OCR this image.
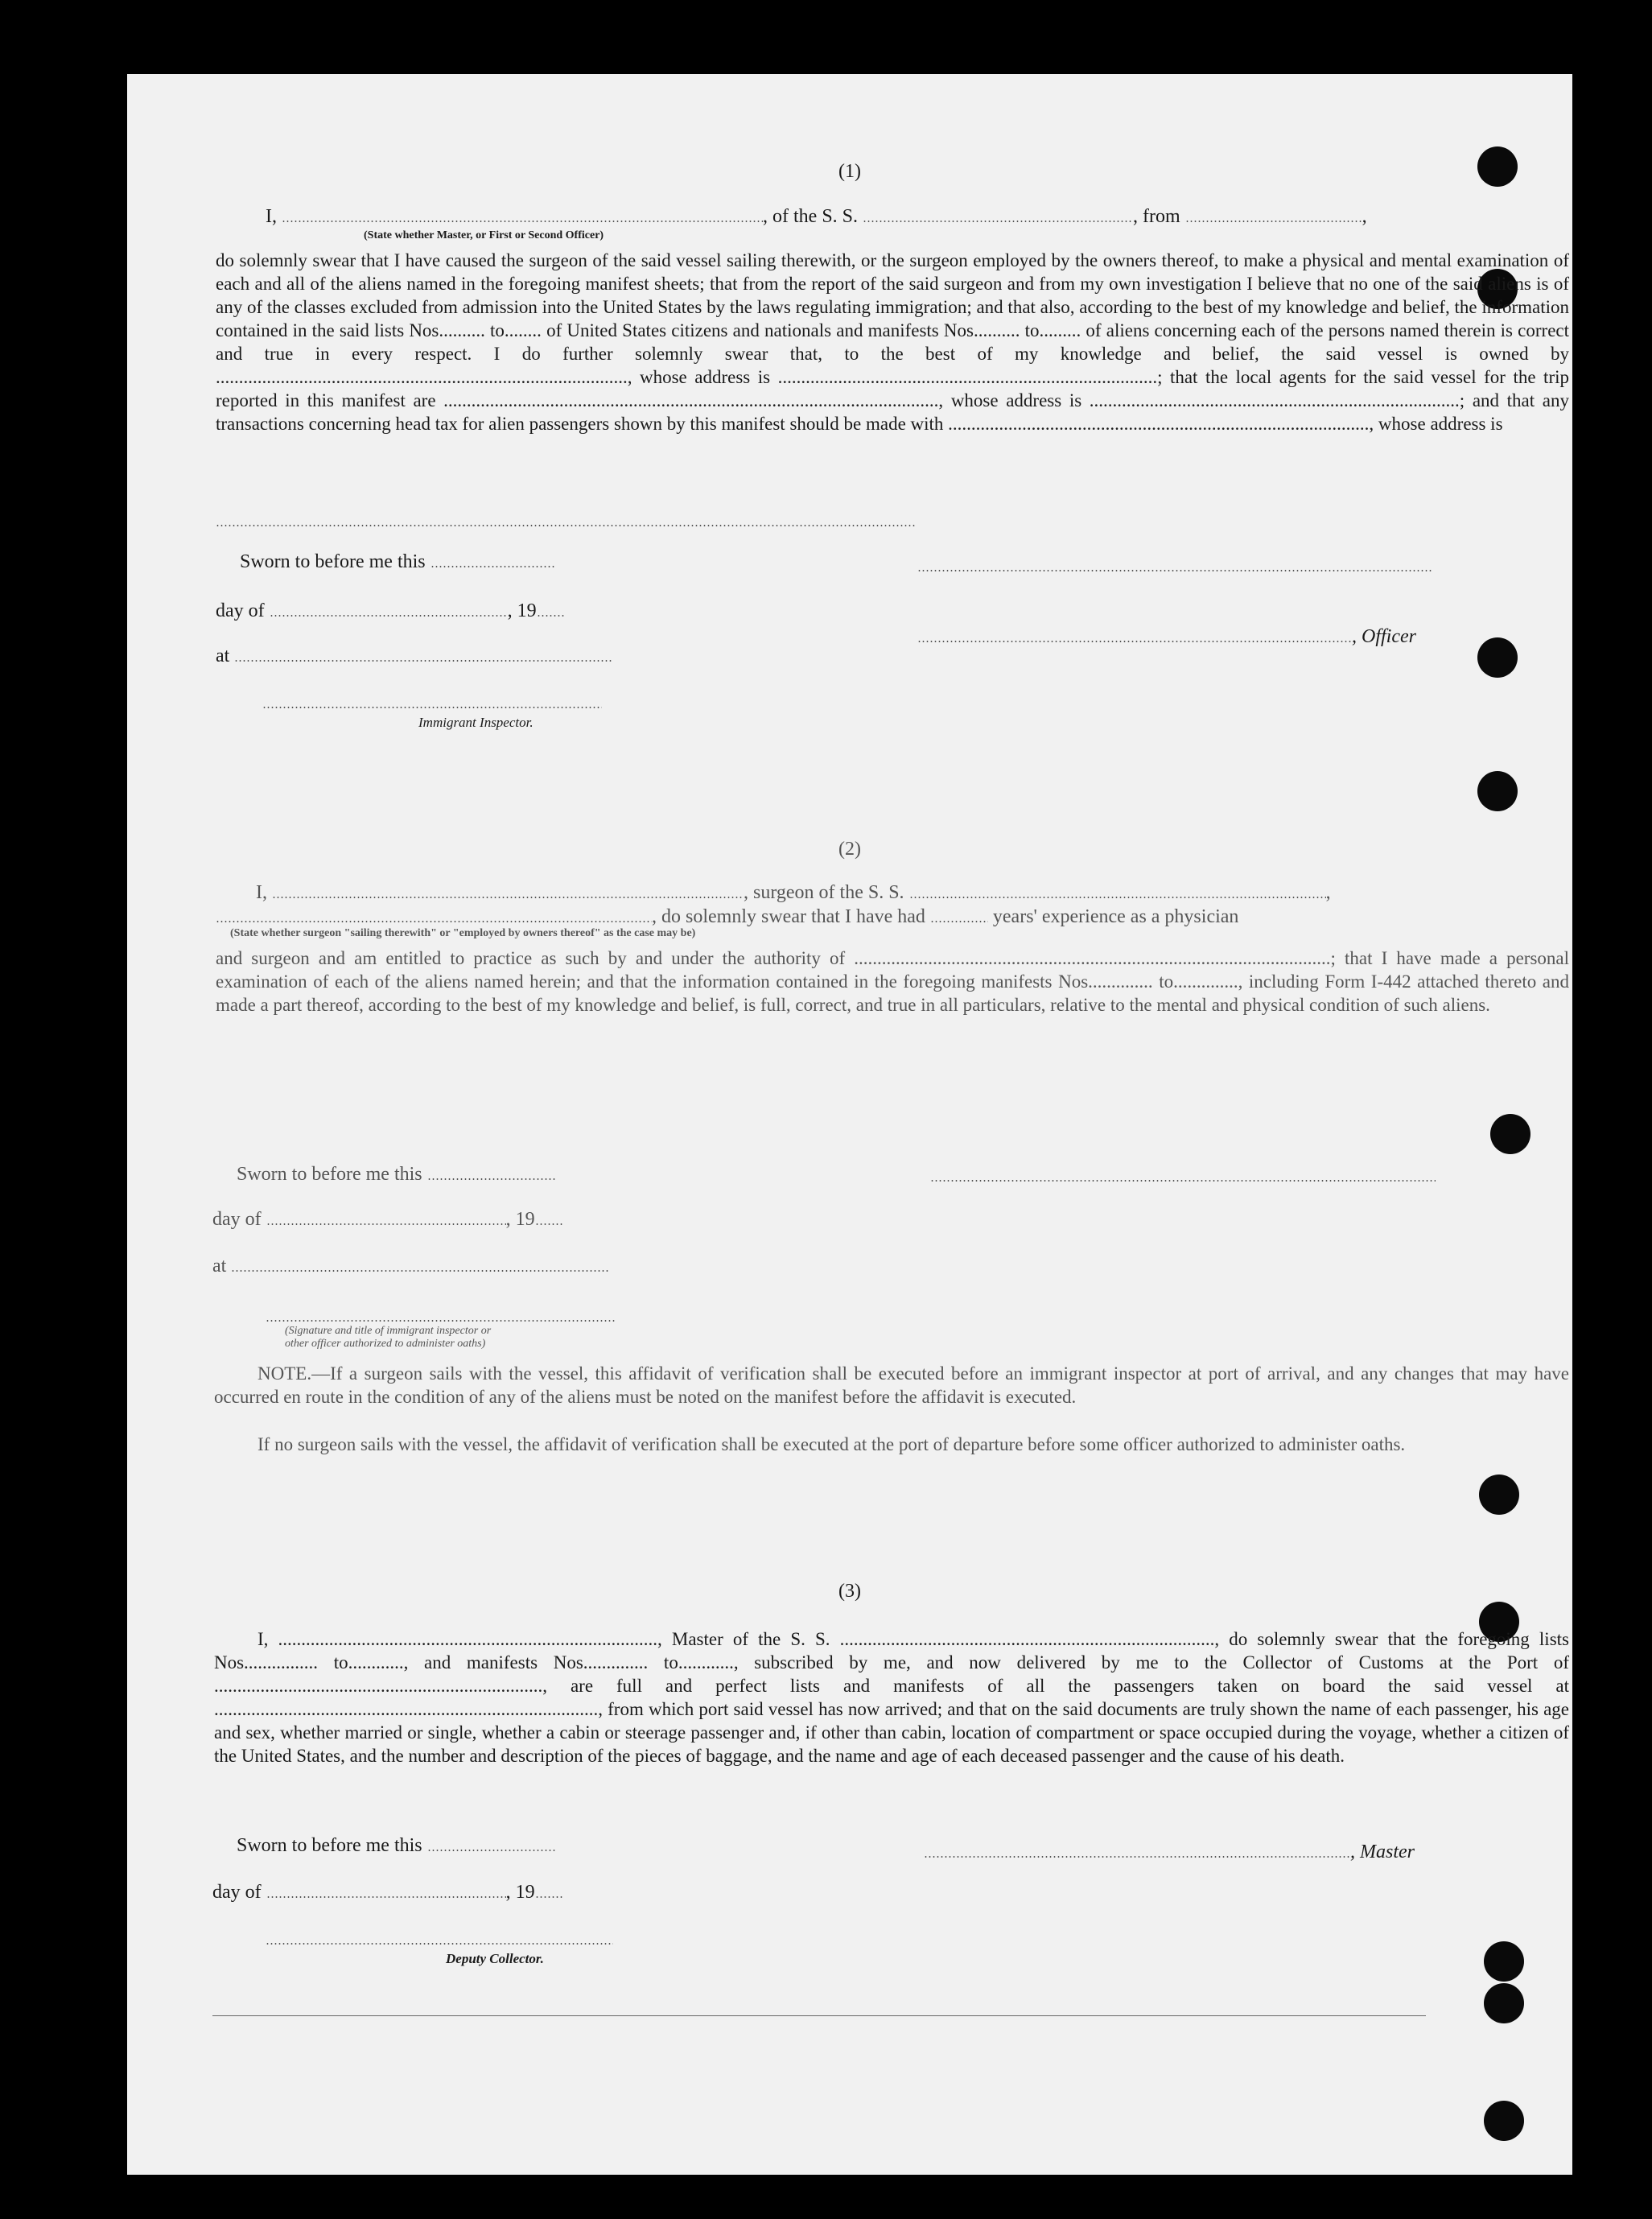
(1)
I,	, of the S. S.	, from	,
(State whether Master, or First or Second Officer)
do solemnly swear that I have caused the surgeon of the said vessel sailing therewith, or the surgeon employed by the owners thereof, to make a physical and mental examination of each and all of the aliens named in the foregoing manifest sheets; that from the report of the said surgeon and from my own investigation I believe that no one of the said aliens is of any of the classes excluded from admission into the United States by the laws regulating immigration; and that also, according to the best of my knowledge and belief, the information contained in the said lists Nos.......... to........ of United States citizens and nationals and manifests Nos.......... to......... of aliens concerning each of the persons named therein is correct and true in every respect. I do further solemnly swear that, to the best of my knowledge and belief, the said vessel is owned by ........................................................................................., whose address is ..................................................................................; that the local agents for the said vessel for the trip reported in this manifest are ..........................................................................................................., whose address is ................................................................................; and that any transactions concerning head tax for alien passengers shown by this manifest should be made with ..........................................................................................., whose address is
Sworn to before me this
day of	, 19
, Officer
at
Immigrant Inspector.
(2)
I,	, surgeon of the S. S.	,
, do solemnly swear that I have had	years' experience as a physician
(State whether surgeon "sailing therewith" or "employed by owners thereof" as the case may be)
and surgeon and am entitled to practice as such by and under the authority of .......................................................................................................; that I have made a personal examination of each of the aliens named herein; and that the information contained in the foregoing manifests Nos.............. to.............., including Form I-442 attached thereto and made a part thereof, according to the best of my knowledge and belief, is full, correct, and true in all particulars, relative to the mental and physical condition of such aliens.
Sworn to before me this
day of	, 19
at
(Signature and title of immigrant inspector or
other officer authorized to administer oaths)
NOTE.—If a surgeon sails with the vessel, this affidavit of verification shall be executed before an immigrant inspector at port of arrival, and any changes that may have occurred en route in the condition of any of the aliens must be noted on the manifest before the affidavit is executed.
If no surgeon sails with the vessel, the affidavit of verification shall be executed at the port of departure before some officer authorized to administer oaths.
(3)
I, .................................................................................., Master of the S. S. ................................................................................., do solemnly swear that the foregoing lists Nos................ to............, and manifests Nos.............. to............, subscribed by me, and now delivered by me to the Collector of Customs at the Port of ......................................................................., are full and perfect lists and manifests of all the passengers taken on board the said vessel at ..................................................................................., from which port said vessel has now arrived; and that on the said documents are truly shown the name of each passenger, his age and sex, whether married or single, whether a cabin or steerage passenger and, if other than cabin, location of compartment or space occupied during the voyage, whether a citizen of the United States, and the number and description of the pieces of baggage, and the name and age of each deceased passenger and the cause of his death.
Sworn to before me this	, Master
day of	, 19
Deputy Collector.
